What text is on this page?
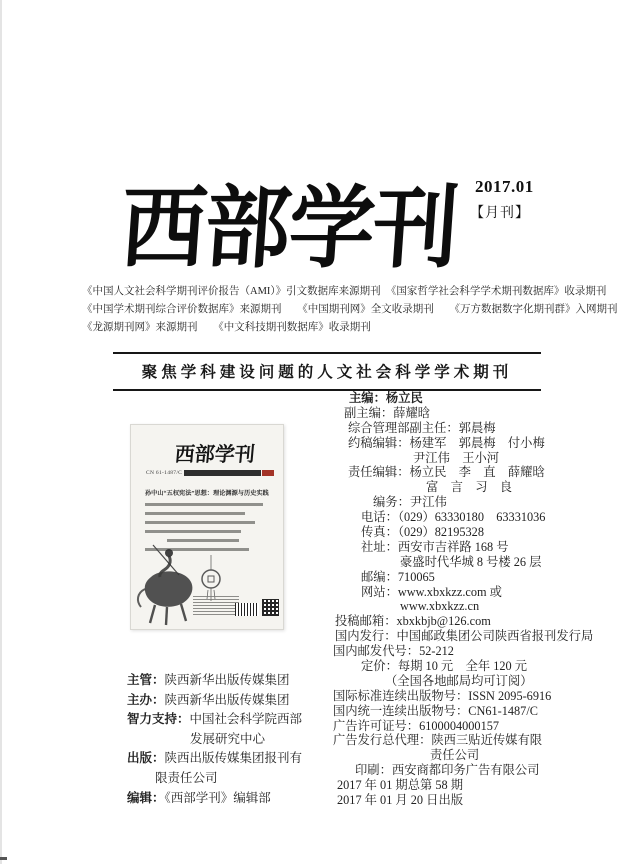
西部学刊 2017.01
【月刊】
《中国人文社会科学期刊评价报告（AMI）》引文数据库来源期刊　《国家哲学社会科学学术期刊数据库》收录期刊
《中国学术期刊综合评价数据库》来源期刊　　《中国期刊网》全文收录期刊　　《万方数据数字化期刊群》入网期刊
《龙源期刊网》来源期刊　　《中文科技期刊数据库》收录期刊
聚焦学科建设问题的人文社会科学学术期刊
西部学刊
CN 61-1487/C
孙中山“五权宪法”思想：理论渊源与历史实践
主编：杨立民
副主编：薛耀晗
综合管理部副主任：郭晨梅
约稿编辑：杨建军　郭晨梅　付小梅
尹江伟　王小河
责任编辑：杨立民　李　直　薛耀晗
富　言　习　良
编务：尹江伟
电话：（029）63330180　63331036
传真：（029）82195328
社址：西安市吉祥路 168 号
豪盛时代华城 8 号楼 26 层
邮编：710065
网站：www.xbxkzz.com 或
www.xbxkzz.cn
投稿邮箱：xbxkbjb@126.com
国内发行：中国邮政集团公司陕西省报刊发行局
国内邮发代号：52-212
定价：每期 10 元　全年 120 元
（全国各地邮局均可订阅）
国际标准连续出版物号：ISSN 2095-6916
国内统一连续出版物号：CN61-1487/C
广告许可证号：6100004000157
广告发行总代理：陕西三贴近传媒有限
责任公司
印刷：西安商都印务广告有限公司
2017 年 01 期总第 58 期
2017 年 01 月 20 日出版
主管：陕西新华出版传媒集团
主办：陕西新华出版传媒集团
智力支持：中国社会科学院西部
发展研究中心
出版：陕西出版传媒集团报刊有
限责任公司
编辑：《西部学刊》编辑部
